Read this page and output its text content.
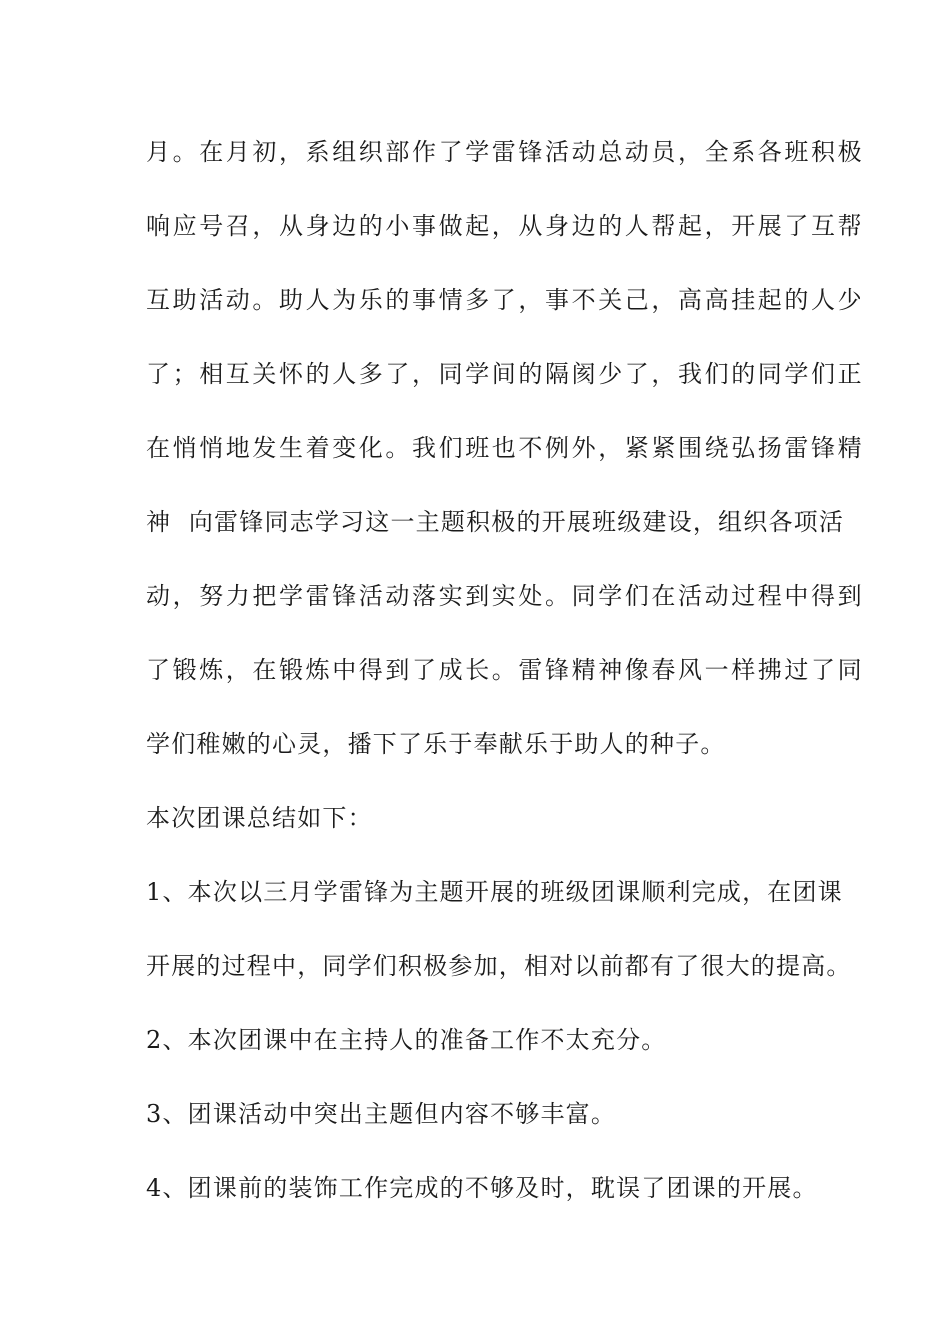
月。在月初，系组织部作了学雷锋活动总动员，全系各班积极
响应号召，从身边的小事做起，从身边的人帮起，开展了互帮
互助活动。助人为乐的事情多了，事不关己，高高挂起的人少
了；相互关怀的人多了，同学间的隔阂少了，我们的同学们正
在悄悄地发生着变化。我们班也不例外，紧紧围绕弘扬雷锋精
神  向雷锋同志学习这一主题积极的开展班级建设，组织各项活
动，努力把学雷锋活动落实到实处。同学们在活动过程中得到
了锻炼，在锻炼中得到了成长。雷锋精神像春风一样拂过了同
学们稚嫩的心灵，播下了乐于奉献乐于助人的种子。
本次团课总结如下：
1、本次以三月学雷锋为主题开展的班级团课顺利完成，在团课
开展的过程中，同学们积极参加，相对以前都有了很大的提高。
2、本次团课中在主持人的准备工作不太充分。
3、团课活动中突出主题但内容不够丰富。
4、团课前的装饰工作完成的不够及时，耽误了团课的开展。
